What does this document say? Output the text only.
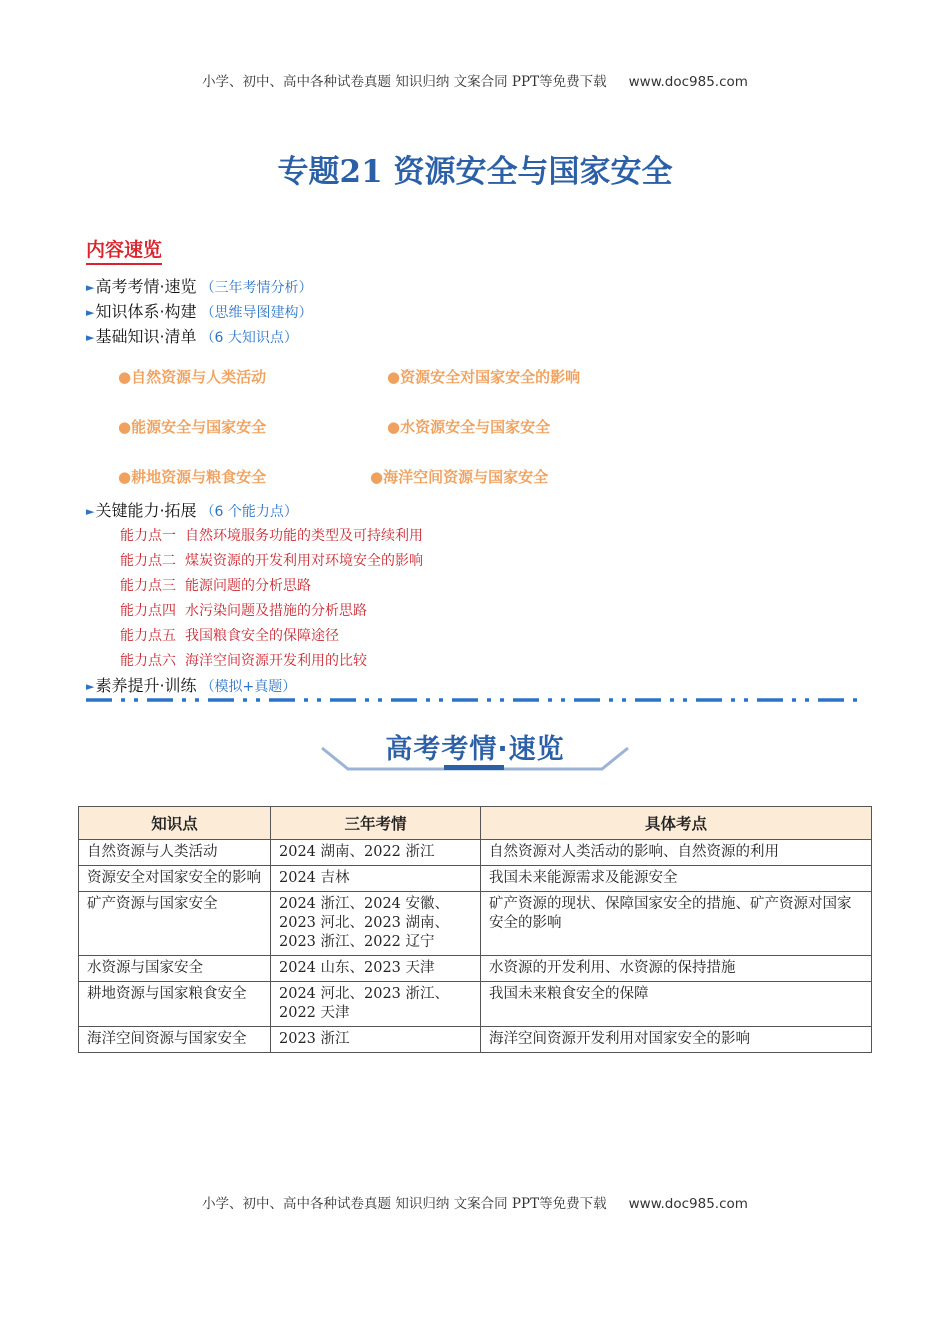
小学、初中、高中各种试卷真题 知识归纳 文案合同 PPT等免费下载 www.doc985.com
专题21 资源安全与国家安全
内容速览
►高考考情·速览 （三年考情分析）
►知识体系·构建 （思维导图建构）
►基础知识·清单 （6 大知识点）
●自然资源与人类活动	●资源安全对国家安全的影响
●能源安全与国家安全	●水资源安全与国家安全
●耕地资源与粮食安全	●海洋空间资源与国家安全
►关键能力·拓展 （6 个能力点）
能力点一 自然环境服务功能的类型及可持续利用
能力点二 煤炭资源的开发利用对环境安全的影响
能力点三 能源问题的分析思路
能力点四 水污染问题及措施的分析思路
能力点五 我国粮食安全的保障途径
能力点六 海洋空间资源开发利用的比较
►素养提升·训练 （模拟+真题）
高考考情·速览
知识点	三年考情	具体考点
自然资源与人类活动	2024 湖南、2022 浙江	自然资源对人类活动的影响、自然资源的利用
资源安全对国家安全的影响	2024 吉林	我国未来能源需求及能源安全
矿产资源与国家安全	2024 浙江、2024 安徽、2023 河北、2023 湖南、2023 浙江、2022 辽宁	矿产资源的现状、保障国家安全的措施、矿产资源对国家安全的影响
水资源与国家安全	2024 山东、2023 天津	水资源的开发利用、水资源的保持措施
耕地资源与国家粮食安全	2024 河北、2023 浙江、2022 天津	我国未来粮食安全的保障
海洋空间资源与国家安全	2023 浙江	海洋空间资源开发利用对国家安全的影响
小学、初中、高中各种试卷真题 知识归纳 文案合同 PPT等免费下载 www.doc985.com
